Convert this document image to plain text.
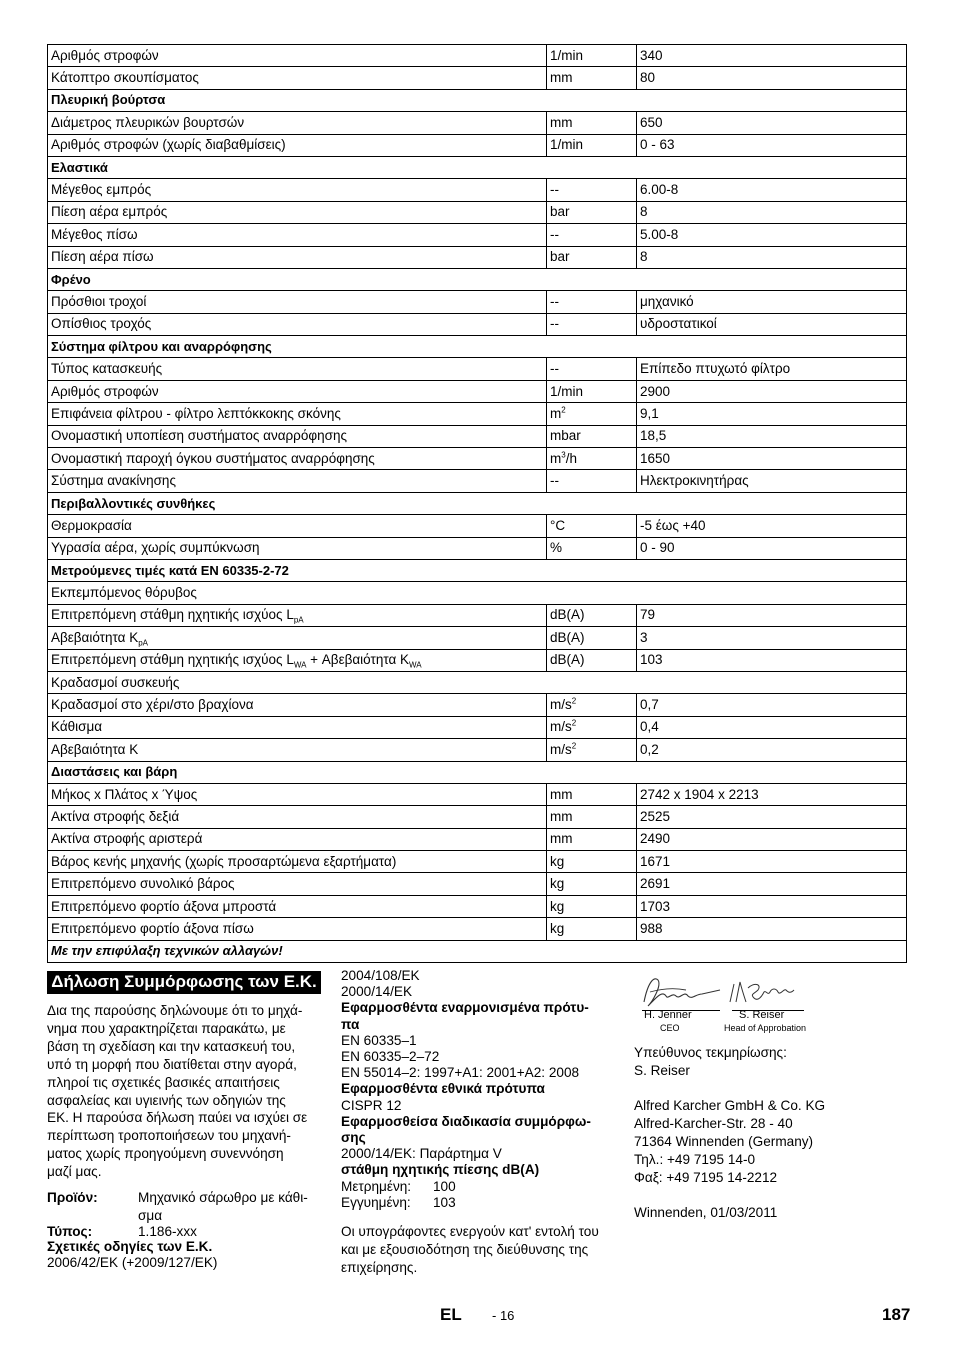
Αριθμός στροφών	1/min	340
Κάτοπτρο σκουπίσματος	mm	80
Πλευρική βούρτσα		
Διάμετρος πλευρικών βουρτσών	mm	650
Αριθμός στροφών (χωρίς διαβαθμίσεις)	1/min	0 - 63
Ελαστικά		
Μέγεθος εμπρός	--	6.00-8
Πίεση αέρα εμπρός	bar	8
Μέγεθος πίσω	--	5.00-8
Πίεση αέρα πίσω	bar	8
Φρένο		
Πρόσθιοι τροχοί	--	μηχανικό
Οπίσθιος τροχός	--	υδροστατικοί
Σύστημα φίλτρου και αναρρόφησης		
Τύπος κατασκευής	--	Επίπεδο πτυχωτό φίλτρο
Αριθμός στροφών	1/min	2900
Επιφάνεια φίλτρου - φίλτρο λεπτόκκοκης σκόνης	$m^2$	9,1
Ονομαστική υποπίεση συστήματος αναρρόφησης	mbar	18,5
Ονομαστική παροχή όγκου συστήματος αναρρόφησης	$m^3/h$	1650
Σύστημα ανακίνησης	--	Ηλεκτροκινητήρας
Περιβαλλοντικές συνθήκες		
Θερμοκρασία	°C	-5 έως +40
Υγρασία αέρα, χωρίς συμπύκνωση	%	0 - 90
Μετρούμενες τιμές κατά EN 60335-2-72		
Εκπεμπόμενος θόρυβος		
Επιτρεπόμενη στάθμη ηχητικής ισχύος $L_{pA}$	dB(A)	79
Αβεβαιότητα $K_{pA}$	dB(A)	3
Επιτρεπόμενη στάθμη ηχητικής ισχύος $L_{WA} + A\beta\varepsilon\beta\alpha\iota ό\tau\eta\tau\alpha$ $K_{WA}$	dB(A)	103
Κραδασμοί συσκευής		
Κραδασμοί στο χέρι/στο βραχίονα	$m/s^2$	0,7
Κάθισμα	$m/s^2$	0,4
Αβεβαιότητα K	$m/s^2$	0,2
Διαστάσεις και βάρη		
Μήκος x Πλάτος x Ύψος	mm	2742 x 1904 x 2213
Ακτίνα στροφής δεξιά	mm	2525
Ακτίνα στροφής αριστερά	mm	2490
Βάρος κενής μηχανής (χωρίς προσαρτώμενα εξαρτήματα)	kg	1671
Επιτρεπόμενο συνολικό βάρος	kg	2691
Επιτρεπόμενο φορτίο άξονα μπροστά	kg	1703
Επιτρεπόμενο φορτίο άξονα πίσω	kg	988
Με την επιφύλαξη τεχνικών αλλαγών!		
Δήλωση Συμμόρφωσης των Ε.Κ.
Δια της παρούσης δηλώνουμε ότι το μηχά-
νημα που χαρακτηρίζεται παρακάτω, με
βάση τη σχεδίαση και την κατασκευή του,
υπό τη μορφή που διατίθεται στην αγορά,
πληροί τις σχετικές βασικές απαιτήσεις
ασφαλείας και υγιεινής των οδηγιών της
ΕΚ. Η παρούσα δήλωση παύει να ισχύει σε
περίπτωση τροποποιήσεων του μηχανή-
ματος χωρίς προηγούμενη συνεννόηση
μαζί μας.
Προϊόν:	Μηχανικό σάρωθρο με κάθι-
σμα
Τύπος:	1.186-xxx
Σχετικές οδηγίες των Ε.Κ.
2006/42/ΕΚ (+2009/127/ΕΚ)
2004/108/ΕΚ
2000/14/ΕΚ
Εφαρμοσθέντα εναρμονισμένα πρότυ-
πα
EN 60335–1
EN 60335–2–72
EN 55014–2: 1997+A1: 2001+A2: 2008
Εφαρμοσθέντα εθνικά πρότυπα
CISPR 12
Εφαρμοσθείσα διαδικασία συμμόρφω-
σης
2000/14/ΕΚ: Παράρτημα V
στάθμη ηχητικής πίεσης dB(A)
Μετρημένη:	100
Εγγυημένη:	103
Οι υπογράφοντες ενεργούν κατ' εντολή του
και με εξουσιοδότηση της διεύθυνσης της
επιχείρησης.
H. Jenner
CEO
S. Reiser
Head of Approbation
Υπεύθυνος τεκμηρίωσης:
S. Reiser
Alfred Karcher GmbH & Co. KG
Alfred-Karcher-Str. 28 - 40
71364 Winnenden (Germany)
Τηλ.: +49 7195 14-0
Φαξ: +49 7195 14-2212
Winnenden, 01/03/2011
EL - 16	187
